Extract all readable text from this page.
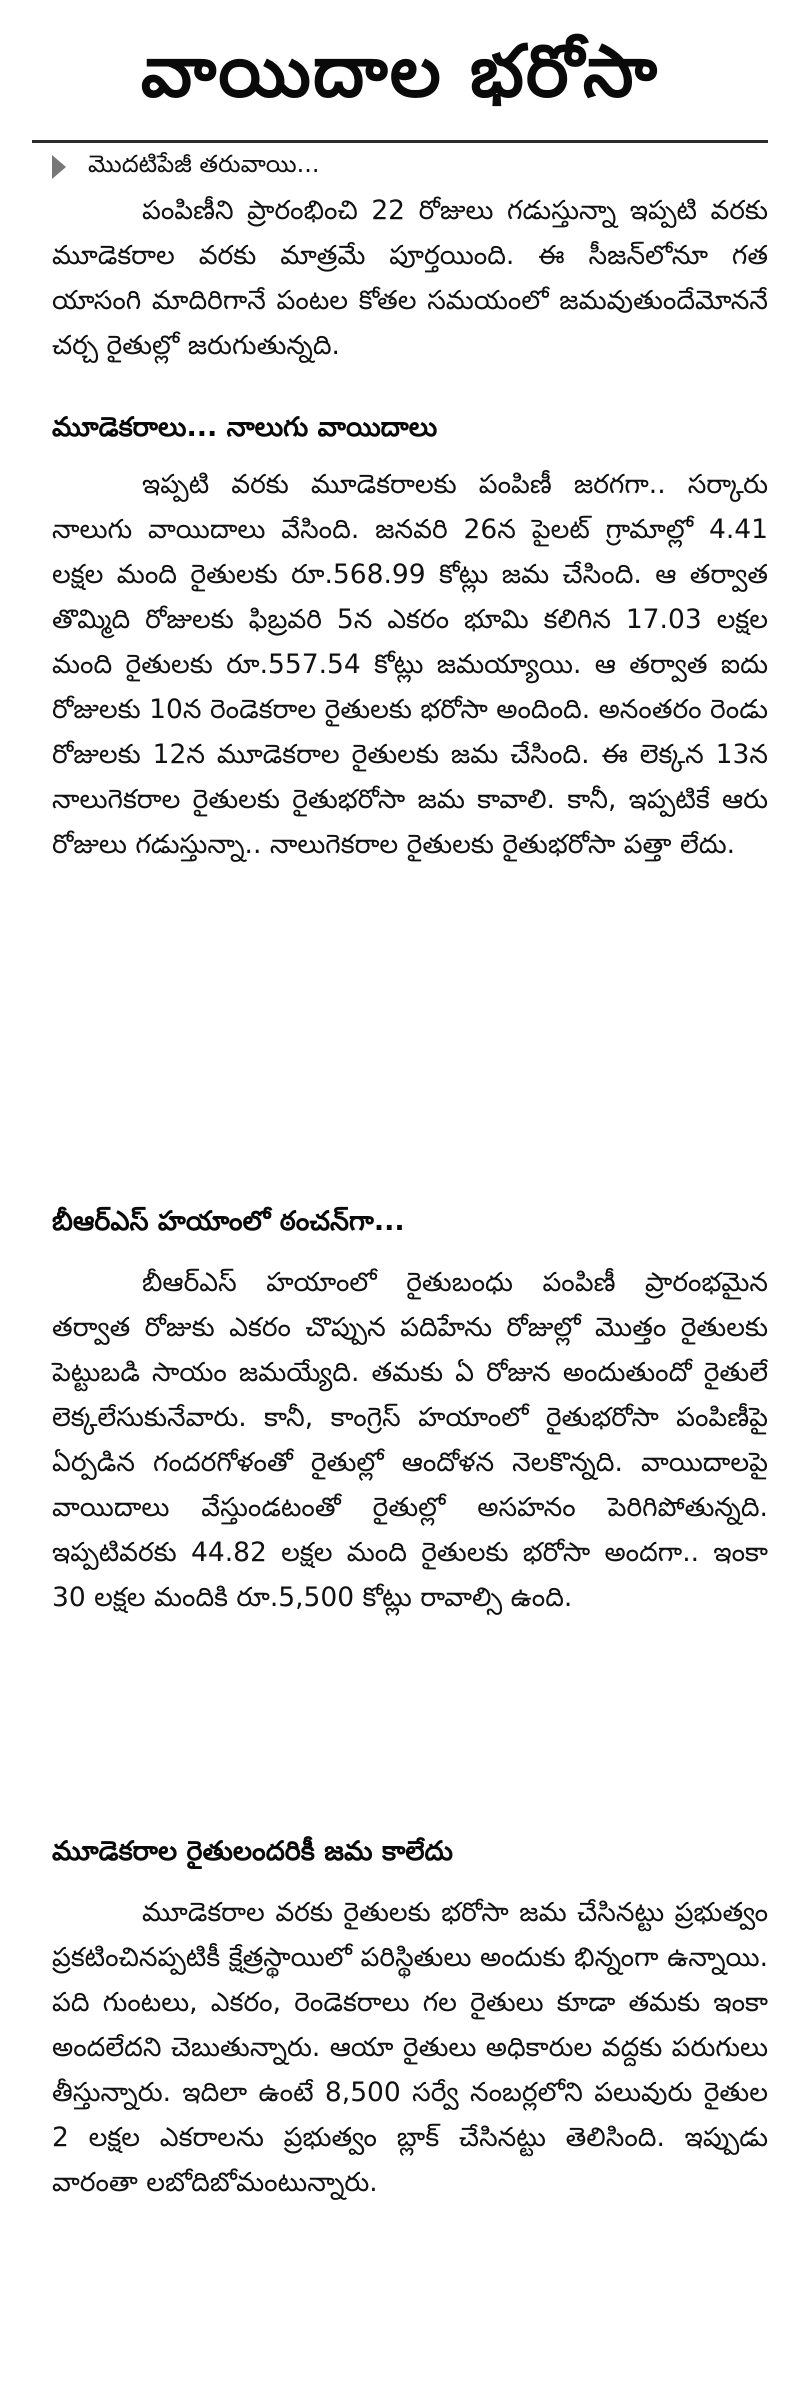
వాయిదాల భరోసా
మొదటిపేజీ తరువాయి...

పంపిణీని ప్రారంభించి 22 రోజులు గడుస్తున్నా ఇప్పటి వరకు మూడెకరాల వరకు మాత్రమే పూర్తయింది. ఈ సీజన్‌లోనూ గత యాసంగి మాదిరిగానే పంటల కోతల సమయంలో జమవుతుందేమోననే చర్చ రైతుల్లో జరుగుతున్నది.

మూడెకరాలు... నాలుగు వాయిదాలు

ఇప్పటి వరకు మూడెకరాలకు పంపిణీ జరగగా.. సర్కారు నాలుగు వాయిదాలు వేసింది. జనవరి 26న పైలట్ గ్రామాల్లో 4.41 లక్షల మంది రైతులకు రూ.568.99 కోట్లు జమ చేసింది. ఆ తర్వాత తొమ్మిది రోజులకు ఫిబ్రవరి 5న ఎకరం భూమి కలిగిన 17.03 లక్షల మంది రైతులకు రూ.557.54 కోట్లు జమయ్యాయి. ఆ తర్వాత ఐదు రోజులకు 10న రెండెకరాల రైతులకు భరోసా అందింది. అనంతరం రెండు రోజులకు 12న మూడెకరాల రైతులకు జమ చేసింది. ఈ లెక్కన 13న నాలుగెకరాల రైతులకు రైతుభరోసా జమ కావాలి. కానీ, ఇప్పటికే ఆరు రోజులు గడుస్తున్నా.. నాలుగెకరాల రైతులకు రైతుభరోసా పత్తా లేదు.

బీఆర్ఎస్ హయాంలో ఠంచన్‌గా...

బీఆర్ఎస్ హయాంలో రైతుబంధు పంపిణీ ప్రారంభమైన తర్వాత రోజుకు ఎకరం చొప్పున పదిహేను రోజుల్లో మొత్తం రైతులకు పెట్టుబడి సాయం జమయ్యేది. తమకు ఏ రోజున అందుతుందో రైతులే లెక్కలేసుకునేవారు. కానీ, కాంగ్రెస్ హయాంలో రైతుభరోసా పంపిణీపై ఏర్పడిన గందరగోళంతో రైతుల్లో ఆందోళన నెలకొన్నది. వాయిదాలపై వాయిదాలు వేస్తుండటంతో రైతుల్లో అసహనం పెరిగిపోతున్నది. ఇప్పటివరకు 44.82 లక్షల మంది రైతులకు భరోసా అందగా.. ఇంకా 30 లక్షల మందికి రూ.5,500 కోట్లు రావాల్సి ఉంది.

మూడెకరాల రైతులందరికీ జమ కాలేదు

మూడెకరాల వరకు రైతులకు భరోసా జమ చేసినట్టు ప్రభుత్వం ప్రకటించినప్పటికీ క్షేత్రస్థాయిలో పరిస్థితులు అందుకు భిన్నంగా ఉన్నాయి. పది గుంటలు, ఎకరం, రెండెకరాలు గల రైతులు కూడా తమకు ఇంకా అందలేదని చెబుతున్నారు. ఆయా రైతులు అధికారుల వద్దకు పరుగులు తీస్తున్నారు. ఇదిలా ఉంటే 8,500 సర్వే నంబర్లలోని పలువురు రైతుల 2 లక్షల ఎకరాలను ప్రభుత్వం బ్లాక్ చేసినట్టు తెలిసింది. ఇప్పుడు వారంతా లబోదిబోమంటున్నారు.
